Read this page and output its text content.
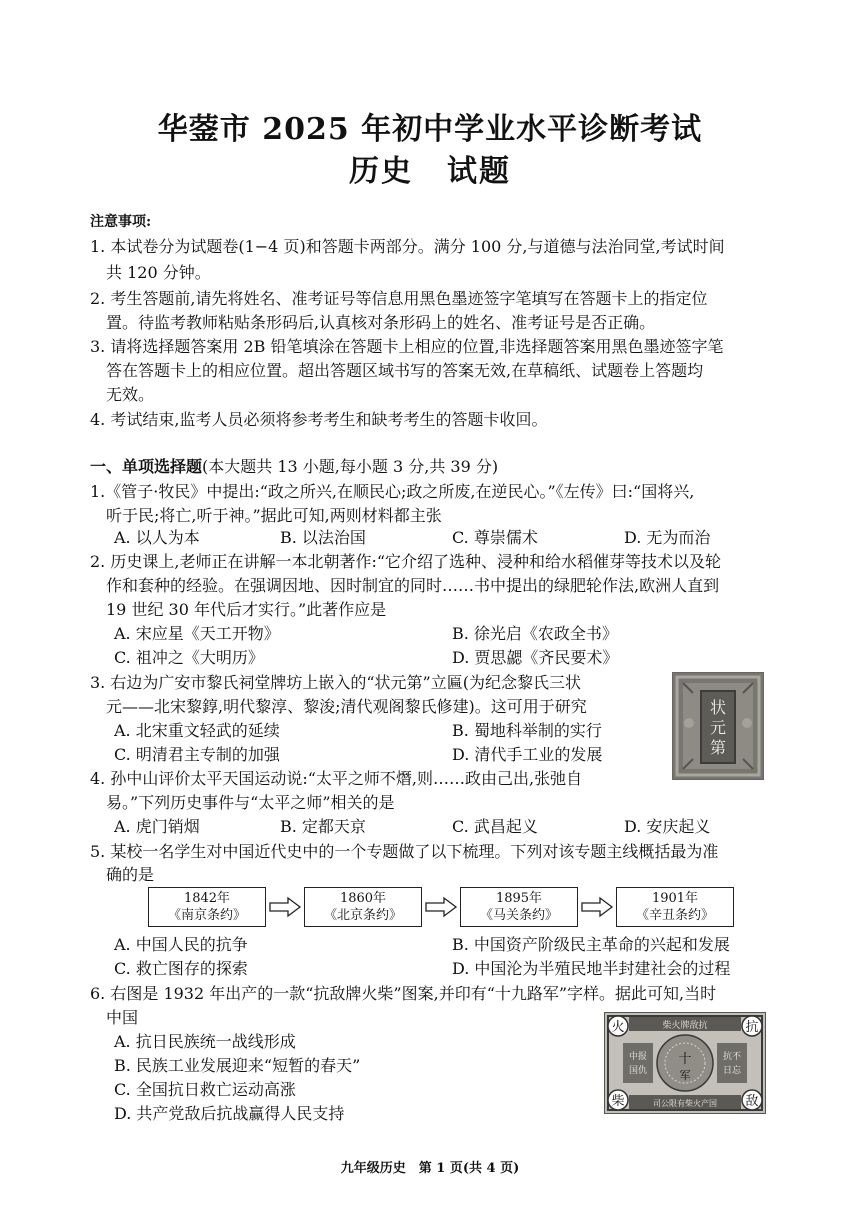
华蓥市 2025 年初中学业水平诊断考试
历史 试题
注意事项:
1. 本试卷分为试题卷(1−4 页)和答题卡两部分。满分 100 分,与道德与法治同堂,考试时间
共 120 分钟。
2. 考生答题前,请先将姓名、准考证号等信息用黑色墨迹签字笔填写在答题卡上的指定位
置。待监考教师粘贴条形码后,认真核对条形码上的姓名、准考证号是否正确。
3. 请将选择题答案用 2B 铅笔填涂在答题卡上相应的位置,非选择题答案用黑色墨迹签字笔
答在答题卡上的相应位置。超出答题区域书写的答案无效,在草稿纸、试题卷上答题均
无效。
4. 考试结束,监考人员必须将参考考生和缺考考生的答题卡收回。
一、单项选择题(本大题共 13 小题,每小题 3 分,共 39 分)
1.《管子·牧民》中提出:“政之所兴,在顺民心;政之所废,在逆民心。”《左传》曰:“国将兴,
听于民;将亡,听于神。”据此可知,两则材料都主张
A. 以人为本	B. 以法治国	C. 尊崇儒术	D. 无为而治
2. 历史课上,老师正在讲解一本北朝著作:“它介绍了选种、浸种和给水稻催芽等技术以及轮
作和套种的经验。在强调因地、因时制宜的同时……书中提出的绿肥轮作法,欧洲人直到
19 世纪 30 年代后才实行。”此著作应是
A. 宋应星《天工开物》	B. 徐光启《农政全书》
C. 祖冲之《大明历》	D. 贾思勰《齐民要术》
3. 右边为广安市黎氏祠堂牌坊上嵌入的“状元第”立匾(为纪念黎氏三状
元——北宋黎錞,明代黎淳、黎浚;清代观阁黎氏修建)。这可用于研究
A. 北宋重文轻武的延续	B. 蜀地科举制的实行
C. 明清君主专制的加强	D. 清代手工业的发展
状
元
第
4. 孙中山评价太平天国运动说:“太平之师不熸,则……政由己出,张弛自
易。”下列历史事件与“太平之师”相关的是
A. 虎门销烟	B. 定都天京	C. 武昌起义	D. 安庆起义
5. 某校一名学生对中国近代史中的一个专题做了以下梳理。下列对该专题主线概括最为准
确的是
1842年
《南京条约》
1860年
《北京条约》
1895年
《马关条约》
1901年
《辛丑条约》
A. 中国人民的抗争	B. 中国资产阶级民主革命的兴起和发展
C. 救亡图存的探索	D. 中国沦为半殖民地半封建社会的过程
6. 右图是 1932 年出产的一款“抗敌牌火柴”图案,并印有“十九路军”字样。据此可知,当时
中国
A. 抗日民族统一战线形成
B. 民族工业发展迎来“短暂的春天”
C. 全国抗日救亡运动高涨
D. 共产党敌后抗战赢得人民支持
柴火牌敌抗
司公限有柴火产国
火	抗
柴	敌
中报
国仇
抗不
日忘
十
军
九年级历史　第 1 页(共 4 页)
